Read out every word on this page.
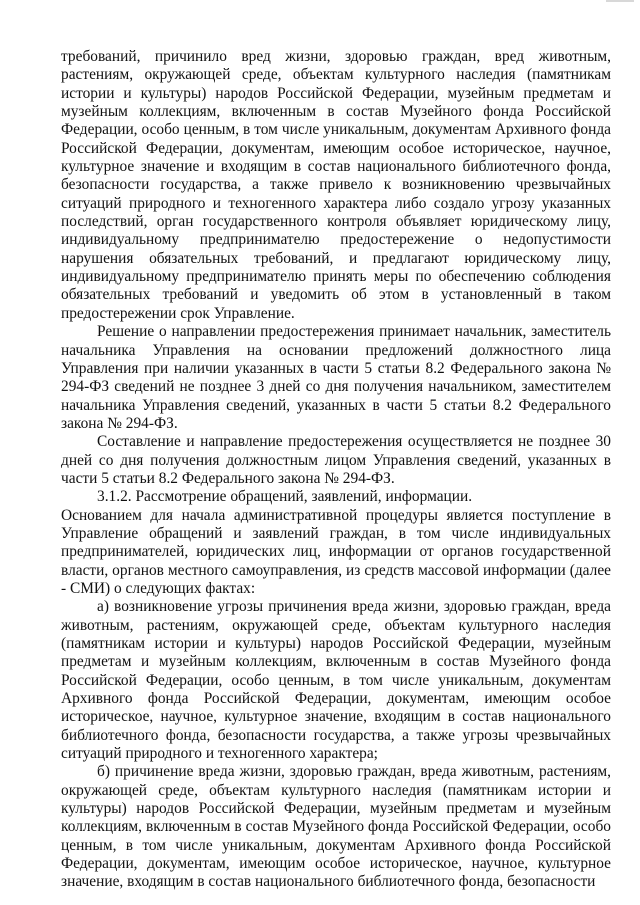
требований, причинило вред жизни, здоровью граждан, вред животным, растениям, окружающей среде, объектам культурного наследия (памятникам истории и культуры) народов Российской Федерации, музейным предметам и музейным коллекциям, включенным в состав Музейного фонда Российской Федерации, особо ценным, в том числе уникальным, документам Архивного фонда Российской Федерации, документам, имеющим особое историческое, научное, культурное значение и входящим в состав национального библиотечного фонда, безопасности государства, а также привело к возникновению чрезвычайных ситуаций природного и техногенного характера либо создало угрозу указанных последствий, орган государственного контроля объявляет юридическому лицу, индивидуальному предпринимателю предостережение о недопустимости нарушения обязательных требований, и предлагают юридическому лицу, индивидуальному предпринимателю принять меры по обеспечению соблюдения обязательных требований и уведомить об этом в установленный в таком предостережении срок Управление.

Решение о направлении предостережения принимает начальник, заместитель начальника Управления на основании предложений должностного лица Управления при наличии указанных в части 5 статьи 8.2 Федерального закона № 294-ФЗ сведений не позднее 3 дней со дня получения начальником, заместителем начальника Управления сведений, указанных в части 5 статьи 8.2 Федерального закона № 294-ФЗ.

Составление и направление предостережения осуществляется не позднее 30 дней со дня получения должностным лицом Управления сведений, указанных в части 5 статьи 8.2 Федерального закона № 294-ФЗ.

3.1.2. Рассмотрение обращений, заявлений, информации.

Основанием для начала административной процедуры является поступление в Управление обращений и заявлений граждан, в том числе индивидуальных предпринимателей, юридических лиц, информации от органов государственной власти, органов местного самоуправления, из средств массовой информации (далее - СМИ) о следующих фактах:

а) возникновение угрозы причинения вреда жизни, здоровью граждан, вреда животным, растениям, окружающей среде, объектам культурного наследия (памятникам истории и культуры) народов Российской Федерации, музейным предметам и музейным коллекциям, включенным в состав Музейного фонда Российской Федерации, особо ценным, в том числе уникальным, документам Архивного фонда Российской Федерации, документам, имеющим особое историческое, научное, культурное значение, входящим в состав национального библиотечного фонда, безопасности государства, а также угрозы чрезвычайных ситуаций природного и техногенного характера;

б) причинение вреда жизни, здоровью граждан, вреда животным, растениям, окружающей среде, объектам культурного наследия (памятникам истории и культуры) народов Российской Федерации, музейным предметам и музейным коллекциям, включенным в состав Музейного фонда Российской Федерации, особо ценным, в том числе уникальным, документам Архивного фонда Российской Федерации, документам, имеющим особое историческое, научное, культурное значение, входящим в состав национального библиотечного фонда, безопасности
